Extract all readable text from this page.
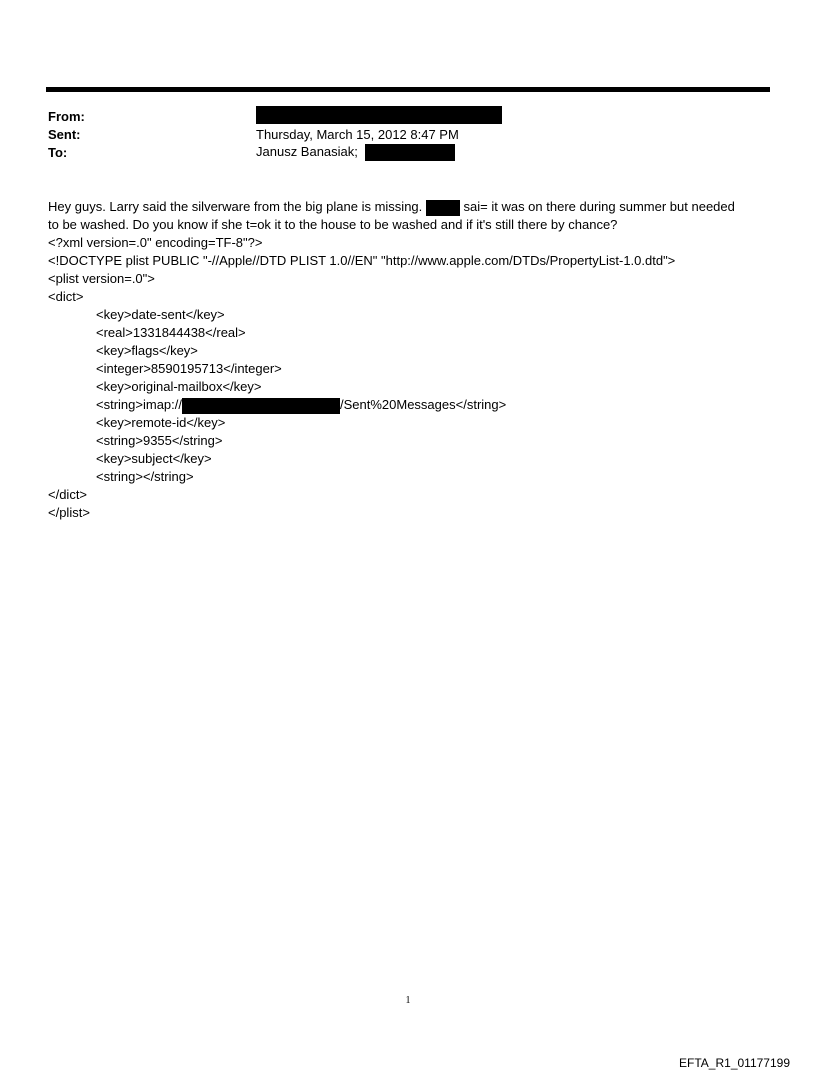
From:
Sent:	Thursday, March 15, 2012 8:47 PM
To:	Janusz Banasiak;
Hey guys. Larry said the silverware from the big plane is missing.	sai= it was on there during summer but needed
to be washed. Do you know if she t=ok it to the house to be washed and if it's still there by chance?
<?xml version=.0" encoding=TF-8"?>
<!DOCTYPE plist PUBLIC "-//Apple//DTD PLIST 1.0//EN" "http://www.apple.com/DTDs/PropertyList-1.0.dtd">
<plist version=.0">
<dict>
<key>date-sent</key>
<real>1331844438</real>
<key>flags</key>
<integer>8590195713</integer>
<key>original-mailbox</key>
<string>imap://	/Sent%20Messages</string>
<key>remote-id</key>
<string>9355</string>
<key>subject</key>
<string></string>
</dict>
</plist>
1
EFTA_R1_01177199
